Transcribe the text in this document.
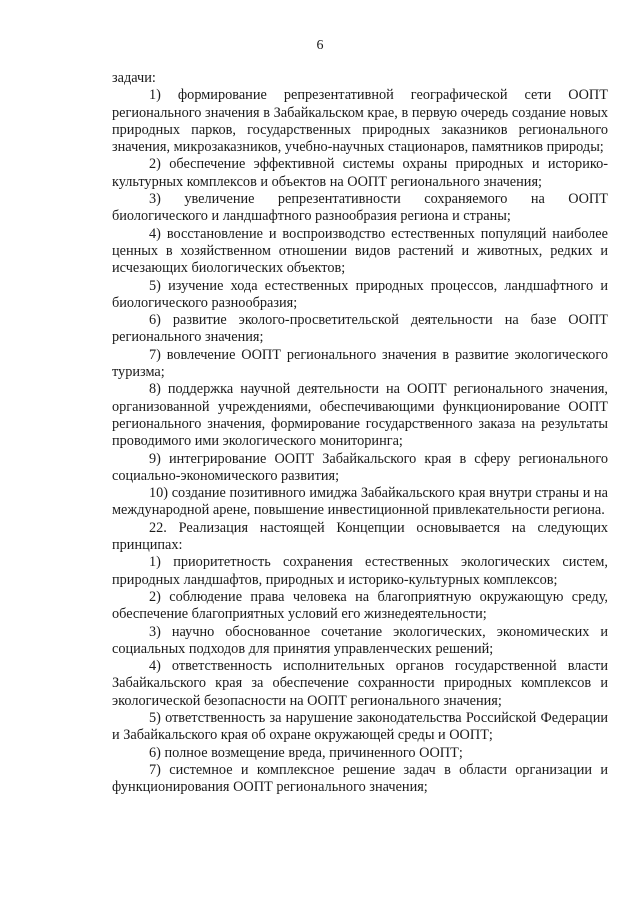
6

задачи:

1) формирование репрезентативной географической сети ООПТ регионального значения в Забайкальском крае, в первую очередь создание новых природных парков, государственных природных заказников регионального значения, микрозаказников, учебно-научных стационаров, памятников природы;

2) обеспечение эффективной системы охраны природных и историко-культурных комплексов и объектов на ООПТ регионального значения;

3) увеличение репрезентативности сохраняемого на ООПТ биологического и ландшафтного разнообразия региона и страны;

4) восстановление и воспроизводство естественных популяций наиболее ценных в хозяйственном отношении видов растений и животных, редких и исчезающих биологических объектов;

5) изучение хода естественных природных процессов, ландшафтного и биологического разнообразия;

6) развитие эколого-просветительской деятельности на базе ООПТ регионального значения;

7) вовлечение ООПТ регионального значения в развитие экологического туризма;

8) поддержка научной деятельности на ООПТ регионального значения, организованной учреждениями, обеспечивающими функционирование ООПТ регионального значения, формирование государственного заказа на результаты проводимого ими экологического мониторинга;

9) интегрирование ООПТ Забайкальского края в сферу регионального социально-экономического развития;

10) создание позитивного имиджа Забайкальского края внутри страны и на международной арене, повышение инвестиционной привлекательности региона.

22. Реализация настоящей Концепции основывается на следующих принципах:

1) приоритетность сохранения естественных экологических систем, природных ландшафтов, природных и историко-культурных комплексов;

2) соблюдение права человека на благоприятную окружающую среду, обеспечение благоприятных условий его жизнедеятельности;

3) научно обоснованное сочетание экологических, экономических и социальных подходов для принятия управленческих решений;

4) ответственность исполнительных органов государственной власти Забайкальского края за обеспечение сохранности природных комплексов и экологической безопасности на ООПТ регионального значения;

5) ответственность за нарушение законодательства Российской Федерации и Забайкальского края об охране окружающей среды и ООПТ;

6) полное возмещение вреда, причиненного ООПТ;

7) системное и комплексное решение задач в области организации и функционирования ООПТ регионального значения;
